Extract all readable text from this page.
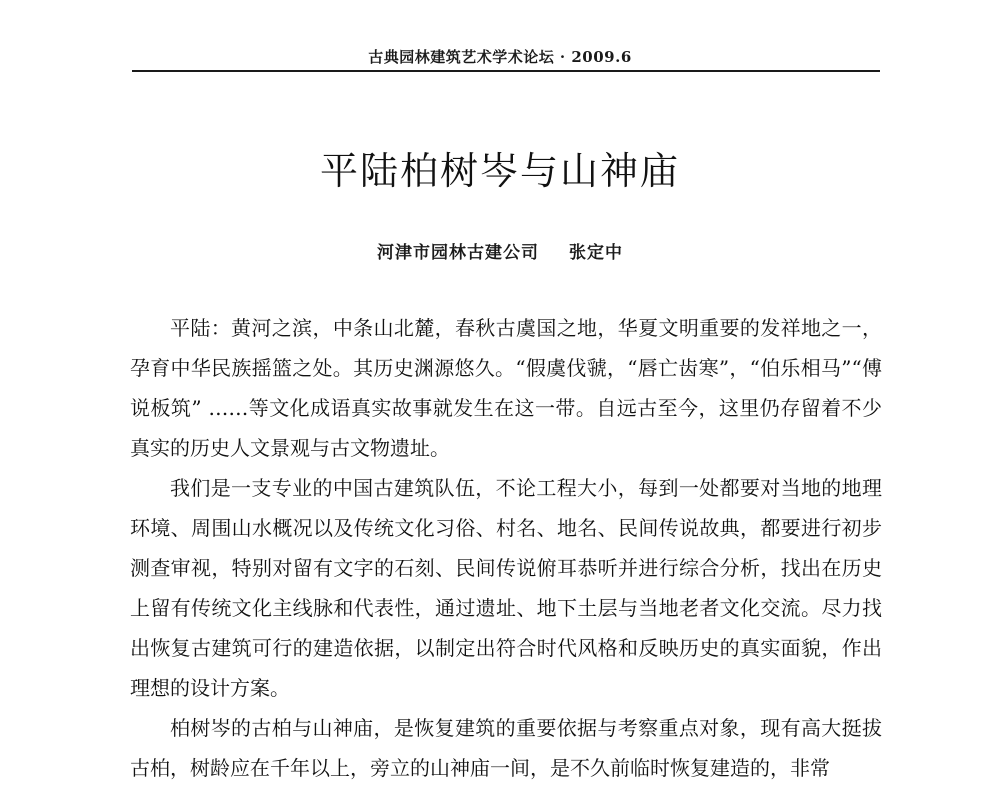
古典园林建筑艺术学术论坛 · 2009.6
平陆柏树岑与山神庙
河津市园林古建公司 张定中

平陆：黄河之滨，中条山北麓，春秋古虞国之地，华夏文明重要的发祥地之一，孕育中华民族摇篮之处。其历史渊源悠久。“假虞伐虢，“唇亡齿寒”，“伯乐相马”“傅说板筑” ……等文化成语真实故事就发生在这一带。自远古至今，这里仍存留着不少真实的历史人文景观与古文物遗址。

我们是一支专业的中国古建筑队伍，不论工程大小，每到一处都要对当地的地理环境、周围山水概况以及传统文化习俗、村名、地名、民间传说故典，都要进行初步测查审视，特别对留有文字的石刻、民间传说俯耳恭听并进行综合分析，找出在历史上留有传统文化主线脉和代表性，通过遗址、地下土层与当地老者文化交流。尽力找出恢复古建筑可行的建造依据，以制定出符合时代风格和反映历史的真实面貌，作出理想的设计方案。

柏树岑的古柏与山神庙，是恢复建筑的重要依据与考察重点对象，现有高大挺拔古柏，树龄应在千年以上，旁立的山神庙一间，是不久前临时恢复建造的，非常
